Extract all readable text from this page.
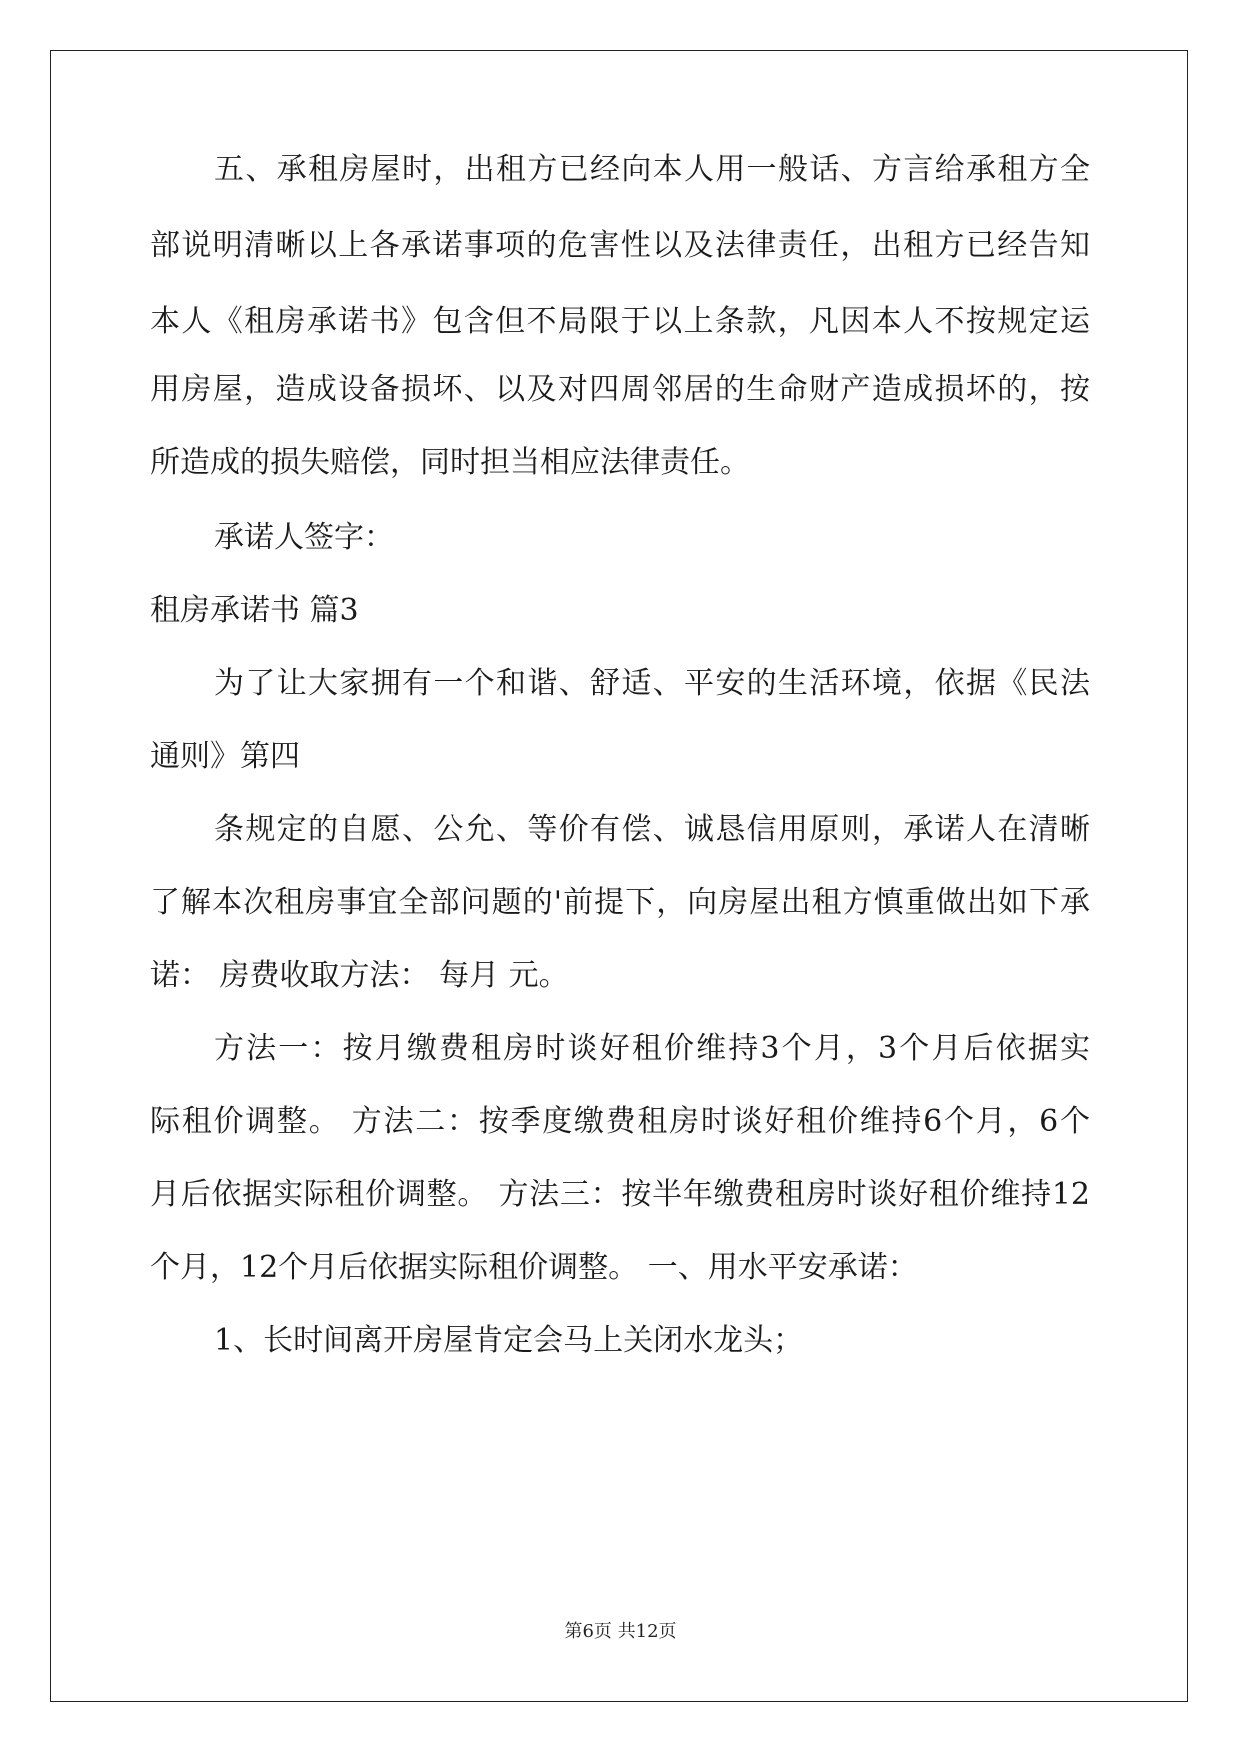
五、承租房屋时，出租方已经向本人用一般话、方言给承租方全
部说明清晰以上各承诺事项的危害性以及法律责任，出租方已经告知
本人《租房承诺书》包含但不局限于以上条款，凡因本人不按规定运
用房屋，造成设备损坏、以及对四周邻居的生命财产造成损坏的，按
所造成的损失赔偿，同时担当相应法律责任。
承诺人签字：
租房承诺书 篇3
为了让大家拥有一个和谐、舒适、平安的生活环境，依据《民法
通则》第四
条规定的自愿、公允、等价有偿、诚恳信用原则，承诺人在清晰
了解本次租房事宜全部问题的'前提下，向房屋出租方慎重做出如下承
诺： 房费收取方法： 每月 元。
方法一：按月缴费租房时谈好租价维持3个月，3个月后依据实
际租价调整。 方法二：按季度缴费租房时谈好租价维持6个月，6个
月后依据实际租价调整。 方法三：按半年缴费租房时谈好租价维持12
个月，12个月后依据实际租价调整。 一、用水平安承诺：
1、长时间离开房屋肯定会马上关闭水龙头；
第6页 共12页
